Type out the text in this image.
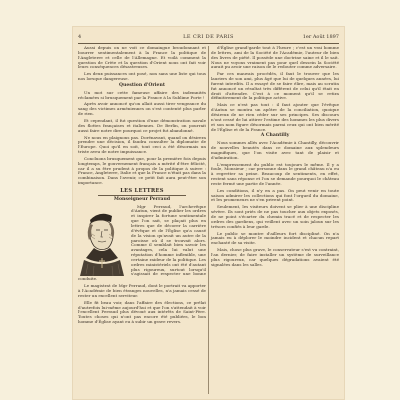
4	LE CRI DE PARIS	1er Août 1897

Aussi depuis on ne voit ce domaingue broudonnant et bourrer sentimentalement à la France la politique de l'Angleterre et celle de l'Allemagne. Et voilà comment la question de Crète et la question d'Orient nous ont fait voir leurs conséquences désastreuses.

Les deux puissances ont posé, non sans une liste qui tous nos lorsque dangereuse.

Question d'Orient

Un mot sur cette fameuse affaire des indemnités réclamées si brusquement par la France à la Sublime Porte !

Après avoir annoncé qu'on allait aussi tirer vengeance du sang des victimes arméniennes on s'est contenté plus parler de rien.

Et cependant, il fut question d'une démonstration navale des flottes françaises et italiennes. De Berlin, on pourrait aussi faire notre dire pourquoi ce projet fut abandonné.

Ne nous en plaignons pas. Dorénavant, quand on désirera prendre une décision, il faudra consulter la diplomatie de l'Europe. Quoi qu'il en soit, tout ceci a été désormais un triste aveu de notre impuissance.

Concluons brusquement que, pour la première fois depuis longtemps, le gouvernement français a mérité d'être félicité, car il a su être prudent à propos de la politique à suivre : France, Angleterre, Italie et que la France n'était pas dans la combinaison. Dans l'avenir, ce petit fait aura peut-être son importance.

LES LETTRES
Monseigneur Perraud

Mgr Perraud, l'archevêque d'Autun, vient de publier les ordres et inspirer la fortune sentimentale que l'on sait, se plaçait plus en lettres que de décorer la carrière d'évêque et de l'Église qu'a causé de la vision qu'avait un autre de la paroisse où il se trouvait alors. Comme il semblait bien savoir les avantages, cela lui valut une réputation d'homme inflexible, une certaine raideur de la politique. Les ordres ministériels ont été d'autant plus rigoureux, surtout lorsqu'il s'agissait de respecter une bonne conduite.

Le magistrat de Mgr Perraud, dont le portrait va apporter à l'Académie de bien étranges nouvelles, n'a jamais cessé de rester un excellent serviteur.

Elle fit beau voir, dans l'affaire des élections, ce prélat d'autrefois lui-même aujourd'hui et que l'on s'attendait à voir l'excellent Perraud plus dévoué aux intérêts de Saint-Père. Toutes choses qui n'ont pas encore été publiées, le bon homme d'Église ayant eu à subir un grave revers.

d'Église grand'garde tout à l'heure ; c'est un vrai homme de lettres, ami de la Société de l'Académie, l'auteur de bien des livres de piété. Il possède une doctrine saine et il le sait. Nous ne voyons vraiment pas pour quel dessein la Société aurait pu avoir une raison de le redouter comme adversaire.

Par ces mauvais procédés, il faut le trouver que les lauriers de son ami, plus âgé que lui de quelques années, lui furent interdits. Il a essayé de se faire élire, mais au scrutin fut annoncé un résultat très différent de celui qu'il était en droit d'attendre. C'est à ce moment qu'il se retira définitivement de la politique active.

Mais ce n'est pas tout : il faut ajouter que l'évêque d'Autun se montra un apôtre de la conciliation, quoique désireux de ne rien céder sur ses principes. Ses discours n'ont cessé de lui attirer l'estime des hommes les plus divers et son nom figure désormais parmi ceux qui ont bien mérité de l'Église et de la France.

A Chantilly

Nous sommes allés avec l'Académie à Chantilly, découvrir de nouvelles beautés dans ce domaine aux splendeurs magnifiques, que l'on visite avec tant de plaisir et d'admiration.

L'empressement du public est toujours le même. Il y a foule, Monsieur ; car personne dans le grand château n'a eu à regretter sa peine. Beaucoup de sentiments, en effet, restent sans réponse et l'on se demande pourquoi le château reste fermé une partie de l'année.

Les conditions, il n'y en a pas. On peut venir en toute saison admirer les collections qui font l'orgueil du domaine, et les promeneurs ne s'en privent point.

Seulement, les visiteurs doivent se plier à une discipline sévère. Ils sont priés de ne pas toucher aux objets exposés, de ne point s'écarter du chemin tracé et de respecter les ordres des gardiens, qui veillent avec un soin jaloux sur les trésors confiés à leur garde.

Le public se montre d'ailleurs fort discipliné. On n'a jamais eu à déplorer le moindre incident et chacun repart enchanté de sa visite.

Mais, chose plus grave, le conservateur s'est vu contraint, l'an dernier, de faire installer un système de surveillance plus rigoureux, car quelques dégradations avaient été signalées dans les salles.
